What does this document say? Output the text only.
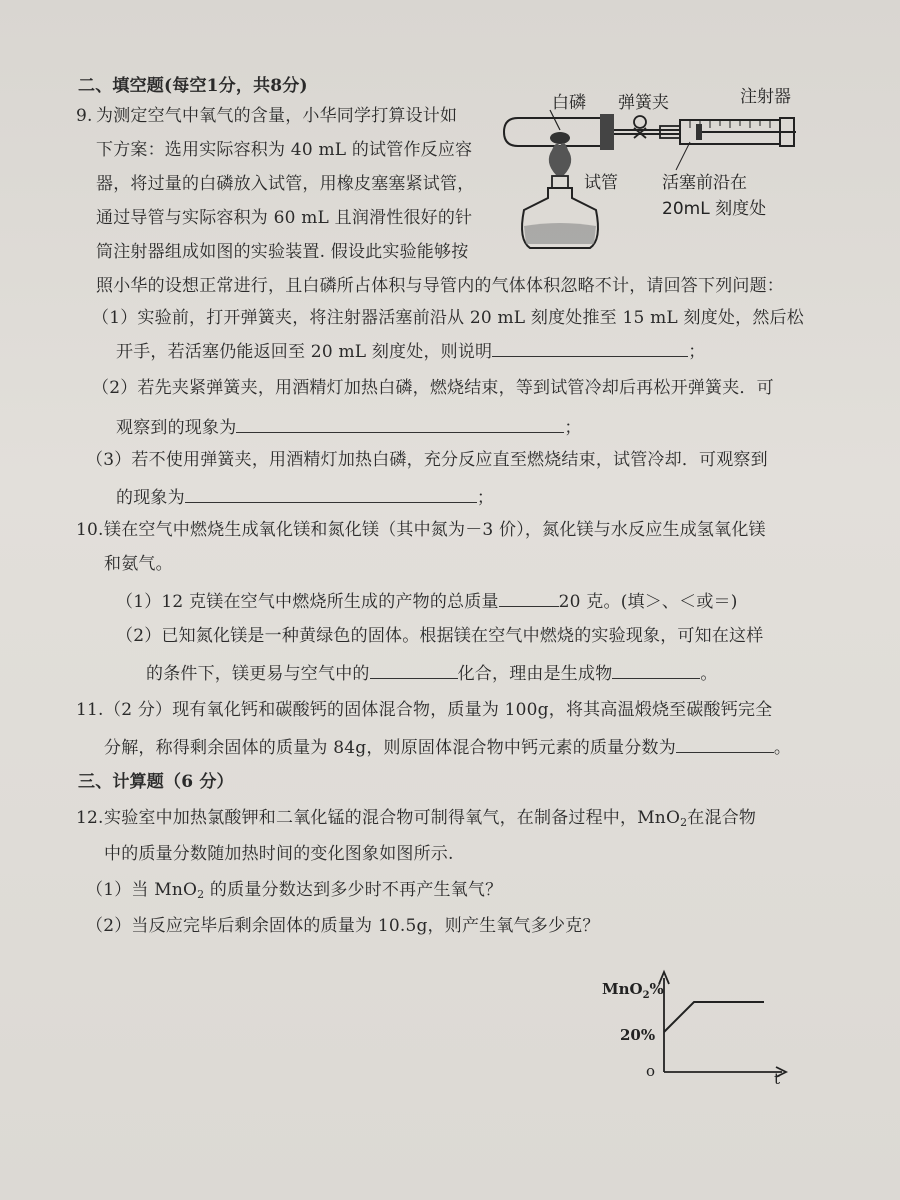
二、填空题(每空1分，共8分)
9. 为测定空气中氧气的含量，小华同学打算设计如
下方案：选用实际容积为 40 mL 的试管作反应容
器，将过量的白磷放入试管，用橡皮塞塞紧试管，
通过导管与实际容积为 60 mL 且润滑性很好的针
筒注射器组成如图的实验装置. 假设此实验能够按
照小华的设想正常进行，且白磷所占体积与导管内的气体体积忽略不计，请回答下列问题：
白磷 弹簧夹	注射器
试管	活塞前沿在
20mL 刻度处
（1）实验前，打开弹簧夹，将注射器活塞前沿从 20 mL 刻度处推至 15 mL 刻度处，然后松
开手，若活塞仍能返回至 20 mL 刻度处，则说明	；
（2）若先夹紧弹簧夹，用酒精灯加热白磷，燃烧结束，等到试管冷却后再松开弹簧夹．可
观察到的现象为	；
（3）若不使用弹簧夹，用酒精灯加热白磷，充分反应直至燃烧结束，试管冷却．可观察到
的现象为	；
10. 镁在空气中燃烧生成氧化镁和氮化镁（其中氮为－3 价），氮化镁与水反应生成氢氧化镁
和氨气。
（1）12 克镁在空气中燃烧所生成的产物的总质量	20 克。(填＞、＜或＝)
（2）已知氮化镁是一种黄绿色的固体。根据镁在空气中燃烧的实验现象，可知在这样
的条件下，镁更易与空气中的	化合，理由是生成物	。
11. （2 分）现有氧化钙和碳酸钙的固体混合物，质量为 100g，将其高温煅烧至碳酸钙完全
分解，称得剩余固体的质量为 84g，则原固体混合物中钙元素的质量分数为	。
三、计算题（6 分）
12. 实验室中加热氯酸钾和二氧化锰的混合物可制得氧气，在制备过程中，MnO$_2$在混合物
中的质量分数随加热时间的变化图象如图所示.
（1）当 MnO$_2$ 的质量分数达到多少时不再产生氧气？
（2）当反应完毕后剩余固体的质量为 10.5g，则产生氧气多少克？
MnO$_2$%
20%
o	t
